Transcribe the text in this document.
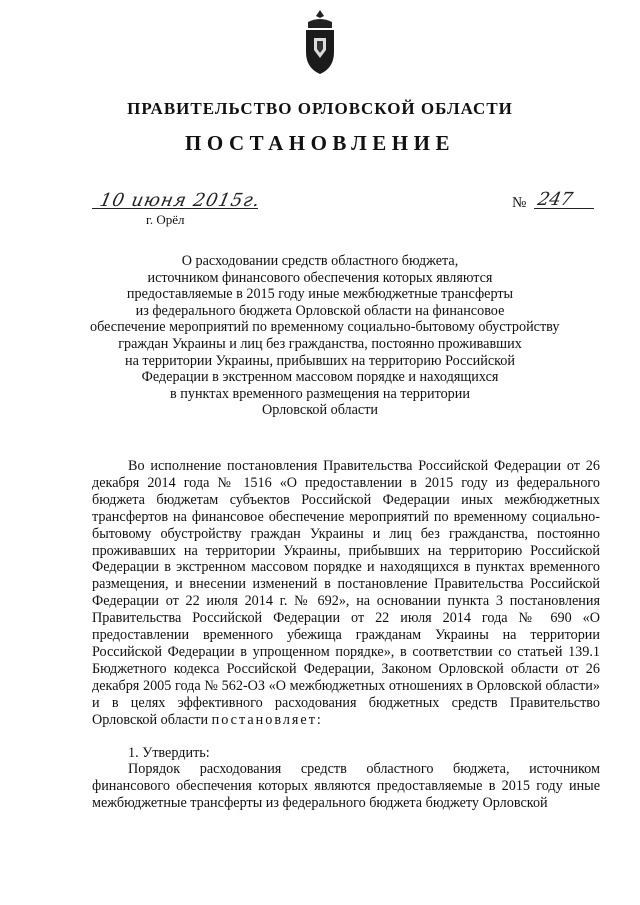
ПРАВИТЕЛЬСТВО ОРЛОВСКОЙ ОБЛАСТИ
ПОСТАНОВЛЕНИЕ
10 июня 2015г.
г. Орёл
№ 247
О расходовании средств областного бюджета,
источником финансового обеспечения которых являются
предоставляемые в 2015 году иные межбюджетные трансферты
из федерального бюджета Орловской области на финансовое
обеспечение мероприятий по временному социально-бытовому обустройству
граждан Украины и лиц без гражданства, постоянно проживавших
на территории Украины, прибывших на территорию Российской
Федерации в экстренном массовом порядке и находящихся
в пунктах временного размещения на территории
Орловской области

Во исполнение постановления Правительства Российской Федерации от 26 декабря 2014 года № 1516 «О предоставлении в 2015 году из федерального бюджета бюджетам субъектов Российской Федерации иных межбюджетных трансфертов на финансовое обеспечение мероприятий по временному социально-бытовому обустройству граждан Украины и лиц без гражданства, постоянно проживавших на территории Украины, прибывших на территорию Российской Федерации в экстренном массовом порядке и находящихся в пунктах временного размещения, и внесении изменений в постановление Правительства Российской Федерации от 22 июля 2014 г. № 692», на основании пункта 3 постановления Правительства Российской Федерации от 22 июля 2014 года № 690 «О предоставлении временного убежища гражданам Украины на территории Российской Федерации в упрощенном порядке», в соответствии со статьей 139.1 Бюджетного кодекса Российской Федерации, Законом Орловской области от 26 декабря 2005 года № 562-ОЗ «О межбюджетных отношениях в Орловской области» и в целях эффективного расходования бюджетных средств Правительство Орловской области постановляет:

1. Утвердить:

Порядок расходования средств областного бюджета, источником финансового обеспечения которых являются предоставляемые в 2015 году иные межбюджетные трансферты из федерального бюджета бюджету Орловской
